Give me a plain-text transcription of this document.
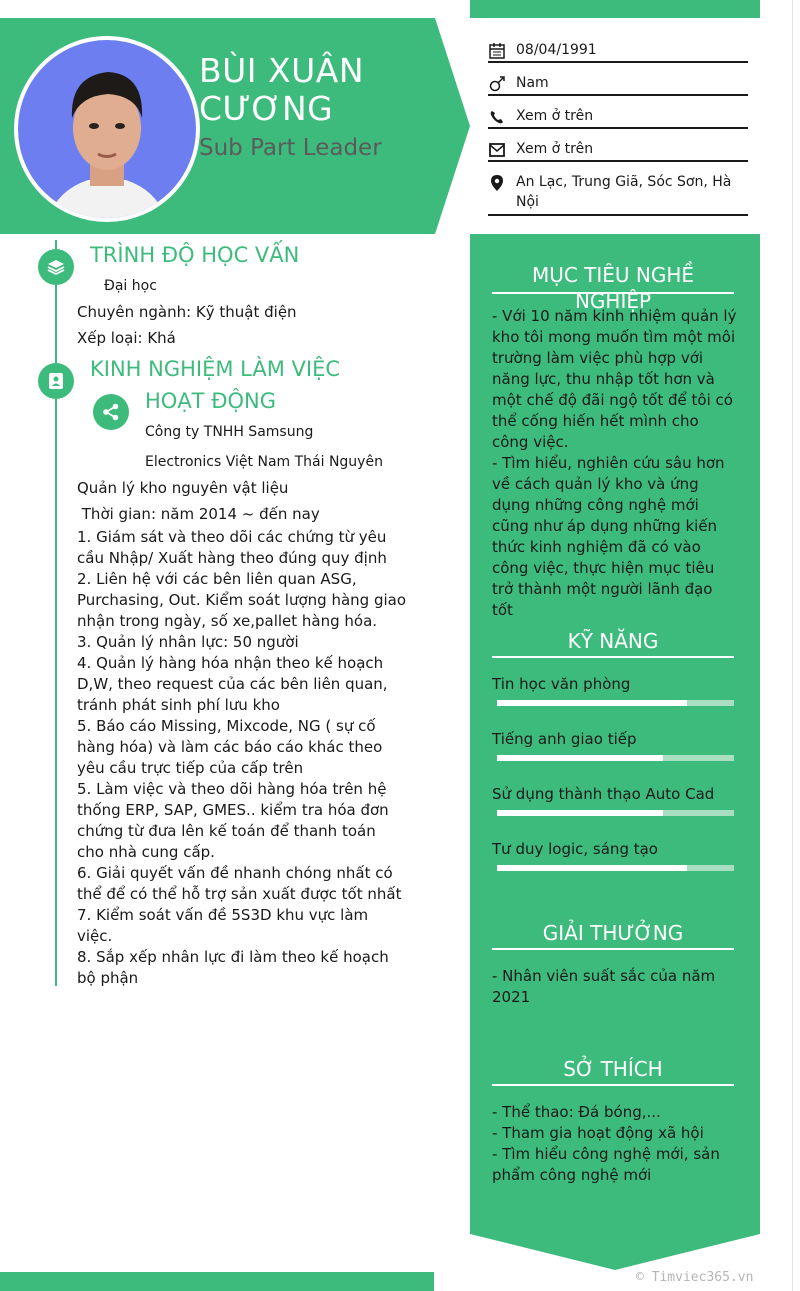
BÙI XUÂN
CƯƠNG
Sub Part Leader
08/04/1991
Nam
Xem ở trên
Xem ở trên
An Lạc, Trung Giã, Sóc Sơn, Hà Nội
TRÌNH ĐỘ HỌC VẤN
Đại học
Chuyên ngành: Kỹ thuật điện
Xếp loại: Khá
KINH NGHIỆM LÀM VIỆC
HOẠT ĐỘNG
Công ty TNHH Samsung
Electronics Việt Nam Thái Nguyên
Quản lý kho nguyên vật liệu
Thời gian: năm 2014 ~ đến nay
1. Giám sát và theo dõi các chứng từ yêu cầu Nhập/ Xuất hàng theo đúng quy định
2. Liên hệ với các bên liên quan ASG, Purchasing, Out. Kiểm soát lượng hàng giao nhận trong ngày, số xe,pallet hàng hóa.
3. Quản lý nhân lực: 50 người
4. Quản lý hàng hóa nhận theo kế hoạch D,W, theo request của các bên liên quan, tránh phát sinh phí lưu kho
5. Báo cáo Missing, Mixcode, NG ( sự cố hàng hóa) và làm các báo cáo khác theo yêu cầu trực tiếp của cấp trên
5. Làm việc và theo dõi hàng hóa trên hệ thống ERP, SAP, GMES.. kiểm tra hóa đơn chứng từ đưa lên kế toán để thanh toán cho nhà cung cấp.
6. Giải quyết vấn đề nhanh chóng nhất có thể để có thể hỗ trợ sản xuất được tốt nhất
7. Kiểm soát vấn đề 5S3D khu vực làm việc.
8. Sắp xếp nhân lực đi làm theo kế hoạch bộ phận
MỤC TIÊU NGHỀ NGHIỆP
- Với 10 năm kinh nhiệm quản lý kho tôi mong muốn tìm một môi trường làm việc phù hợp với năng lực, thu nhập tốt hơn và một chế độ đãi ngộ tốt để tôi có thể cống hiến hết mình cho công việc.
- Tìm hiểu, nghiên cứu sâu hơn về cách quản lý kho và ứng dụng những công nghệ mới cũng như áp dụng những kiến thức kinh nghiệm đã có vào công việc, thực hiện mục tiêu trở thành một người lãnh đạo tốt
KỸ NĂNG
Tin học văn phòng
Tiếng anh giao tiếp
Sử dụng thành thạo Auto Cad
Tư duy logic, sáng tạo
GIẢI THƯỞNG
- Nhân viên suất sắc của năm 2021
SỞ THÍCH
- Thể thao: Đá bóng,...
- Tham gia hoạt động xã hội
- Tìm hiểu công nghệ mới, sản phẩm công nghệ mới
© Timviec365.vn
